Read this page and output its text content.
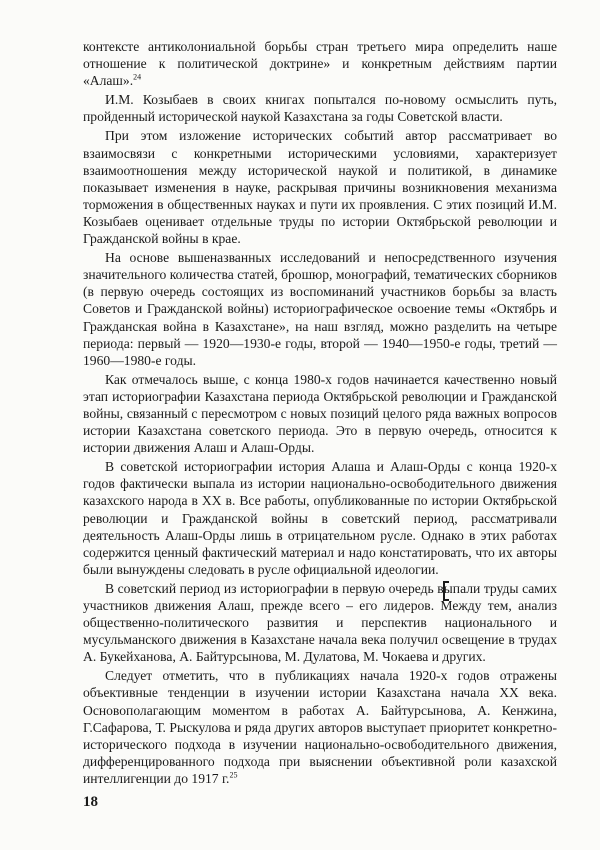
контексте антиколониальной борьбы стран третьего мира определить наше отношение к политической доктрине» и конкретным действиям партии «Алаш».$^{24}$

И.М. Козыбаев в своих книгах попытался по-новому осмыслить путь, пройденный исторической наукой Казахстана за годы Советской власти.

При этом изложение исторических событий автор рассматривает во взаимосвязи с конкретными историческими условиями, характеризует взаимоотношения между исторической наукой и политикой, в динамике показывает изменения в науке, раскрывая причины возникновения механизма торможения в общественных науках и пути их проявления. С этих позиций И.М. Козыбаев оценивает отдельные труды по истории Октябрьской революции и Гражданской войны в крае.

На основе вышеназванных исследований и непосредственного изучения значительного количества статей, брошюр, монографий, тематических сборников (в первую очередь состоящих из воспоминаний участников борьбы за власть Советов и Гражданской войны) историографическое освоение темы «Октябрь и Гражданская война в Казахстане», на наш взгляд, можно разделить на четыре периода: первый — 1920—1930-е годы, второй — 1940—1950-е годы, третий — 1960—1980-е годы.

Как отмечалось выше, с конца 1980-х годов начинается качественно новый этап историографии Казахстана периода Октябрьской революции и Гражданской войны, связанный с пересмотром с новых позиций целого ряда важных вопросов истории Казахстана советского периода. Это в первую очередь, относится к истории движения Алаш и Алаш-Орды.

В советской историографии история Алаша и Алаш-Орды с конца 1920-х годов фактически выпала из истории национально-освободительного движения казахского народа в XX в. Все работы, опубликованные по истории Октябрьской революции и Гражданской войны в советский период, рассматривали деятельность Алаш-Орды лишь в отрицательном русле. Однако в этих работах содержится ценный фактический материал и надо констатировать, что их авторы были вынуждены следовать в русле официальной идеологии.

В советский период из историографии в первую очередь выпали труды самих участников движения Алаш, прежде всего – его лидеров. Между тем, анализ общественно-политического развития и перспектив национального и мусульманского движения в Казахстане начала века получил освещение в трудах А. Букейханова, А. Байтурсынова, М. Дулатова, М. Чокаева и других.

Следует отметить, что в публикациях начала 1920-х годов отражены объективные тенденции в изучении истории Казахстана начала XX века. Основополагающим моментом в работах А. Байтурсынова, А. Кенжина, Г.Сафарова, Т. Рыскулова и ряда других авторов выступает приоритет конкретно-исторического подхода в изучении национально-освободительного движения, дифференцированного подхода при выяснении объективной роли казахской интеллигенции до 1917 г.$^{25}$

18
